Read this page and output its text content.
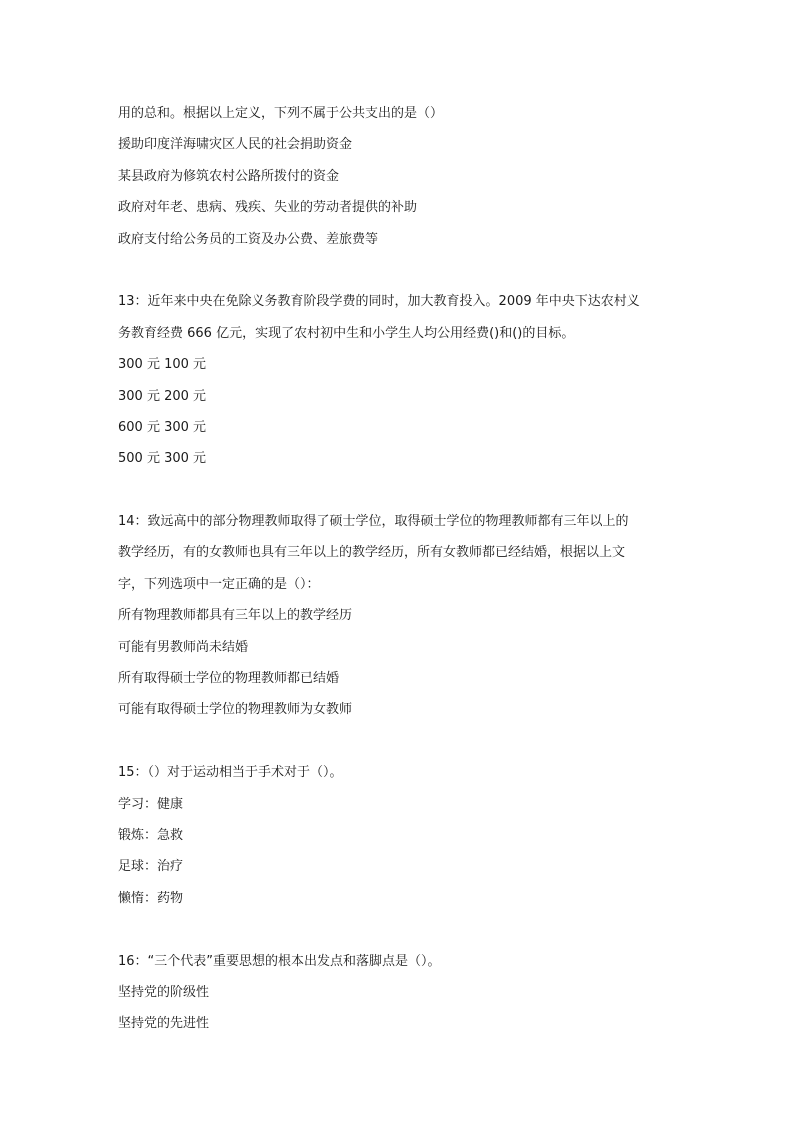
用的总和。根据以上定义，下列不属于公共支出的是（）

援助印度洋海啸灾区人民的社会捐助资金

某县政府为修筑农村公路所拨付的资金

政府对年老、患病、残疾、失业的劳动者提供的补助

政府支付给公务员的工资及办公费、差旅费等

13：近年来中央在免除义务教育阶段学费的同时，加大教育投入。2009 年中央下达农村义

务教育经费 666 亿元，实现了农村初中生和小学生人均公用经费()和()的目标。

300 元 100 元

300 元 200 元

600 元 300 元

500 元 300 元

14：致远高中的部分物理教师取得了硕士学位，取得硕士学位的物理教师都有三年以上的

教学经历，有的女教师也具有三年以上的教学经历，所有女教师都已经结婚，根据以上文

字，下列选项中一定正确的是（）：

所有物理教师都具有三年以上的教学经历

可能有男教师尚未结婚

所有取得硕士学位的物理教师都已结婚

可能有取得硕士学位的物理教师为女教师

15：（）对于运动相当于手术对于（）。

学习：健康

锻炼：急救

足球：治疗

懒惰：药物

16：“三个代表”重要思想的根本出发点和落脚点是（）。

坚持党的阶级性

坚持党的先进性
